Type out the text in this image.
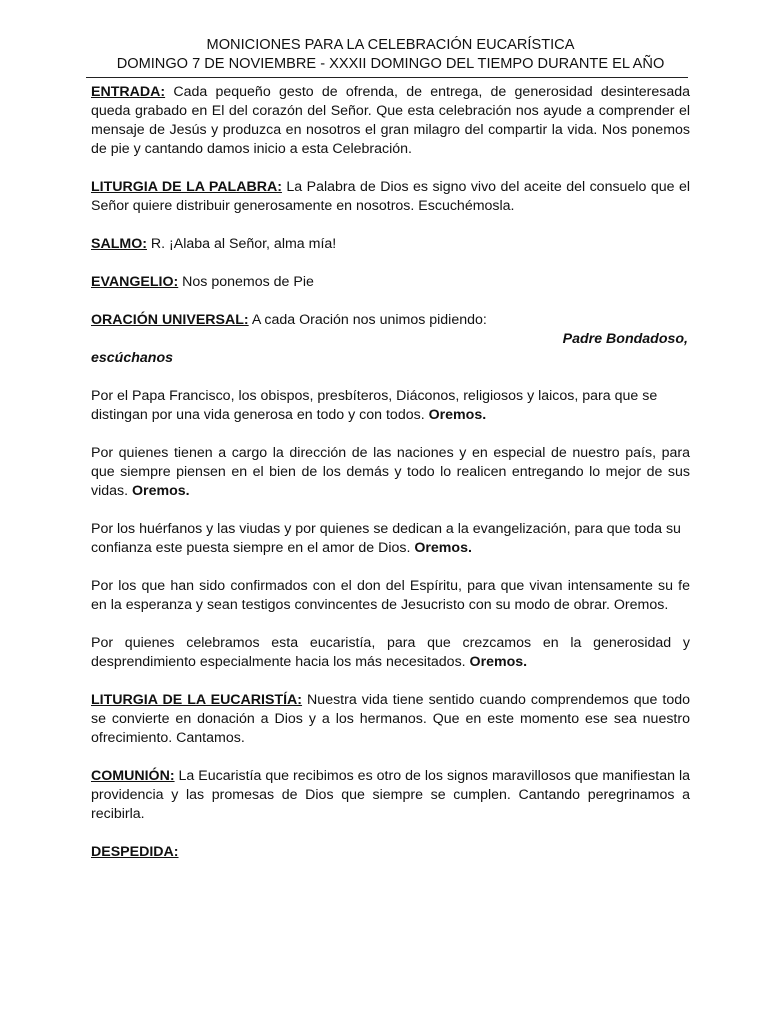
MONICIONES PARA LA CELEBRACIÓN EUCARÍSTICA
DOMINGO 7 DE NOVIEMBRE - XXXII DOMINGO DEL TIEMPO DURANTE EL AÑO

ENTRADA: Cada pequeño gesto de ofrenda, de entrega, de generosidad desinteresada queda grabado en El del corazón del Señor. Que esta celebración nos ayude a comprender el mensaje de Jesús y produzca en nosotros el gran milagro del compartir la vida. Nos ponemos de pie y cantando damos inicio a esta Celebración.

LITURGIA DE LA PALABRA: La Palabra de Dios es signo vivo del aceite del consuelo que el Señor quiere distribuir generosamente en nosotros. Escuchémosla.

SALMO: R. ¡Alaba al Señor, alma mía!

EVANGELIO: Nos ponemos de Pie

ORACIÓN UNIVERSAL: A cada Oración nos unimos pidiendo:

Padre Bondadoso,

escúchanos

Por el Papa Francisco, los obispos, presbíteros, Diáconos, religiosos y laicos, para que se distingan por una vida generosa en todo y con todos. Oremos.

Por quienes tienen a cargo la dirección de las naciones y en especial de nuestro país, para que siempre piensen en el bien de los demás y todo lo realicen entregando lo mejor de sus vidas. Oremos.

Por los huérfanos y las viudas y por quienes se dedican a la evangelización, para que toda su confianza este puesta siempre en el amor de Dios. Oremos.

Por los que han sido confirmados con el don del Espíritu, para que vivan intensamente su fe en la esperanza y sean testigos convincentes de Jesucristo con su modo de obrar. Oremos.

Por quienes celebramos esta eucaristía, para que crezcamos en la generosidad y desprendimiento especialmente hacia los más necesitados. Oremos.

LITURGIA DE LA EUCARISTÍA: Nuestra vida tiene sentido cuando comprendemos que todo se convierte en donación a Dios y a los hermanos. Que en este momento ese sea nuestro ofrecimiento. Cantamos.

COMUNIÓN: La Eucaristía que recibimos es otro de los signos maravillosos que manifiestan la providencia y las promesas de Dios que siempre se cumplen. Cantando peregrinamos a recibirla.

DESPEDIDA:
